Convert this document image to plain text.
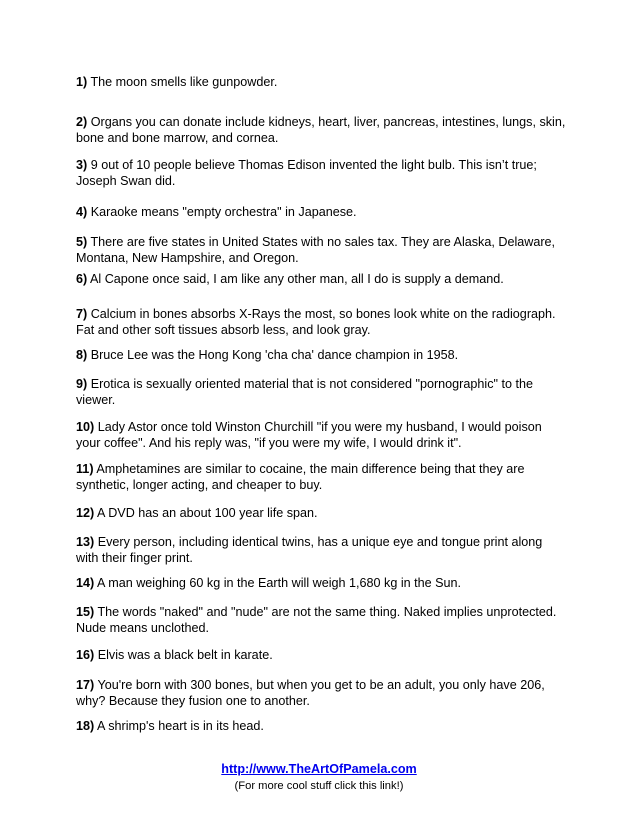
1) The moon smells like gunpowder.
2) Organs you can donate include kidneys, heart, liver, pancreas, intestines, lungs, skin, bone and bone marrow, and cornea.
3) 9 out of 10 people believe Thomas Edison invented the light bulb. This isn’t true; Joseph Swan did.
4) Karaoke means "empty orchestra" in Japanese.
5) There are five states in United States with no sales tax. They are Alaska, Delaware, Montana, New Hampshire, and Oregon.
6) Al Capone once said, I am like any other man, all I do is supply a demand.
7) Calcium in bones absorbs X-Rays the most, so bones look white on the radiograph. Fat and other soft tissues absorb less, and look gray.
8) Bruce Lee was the Hong Kong 'cha cha' dance champion in 1958.
9) Erotica is sexually oriented material that is not considered "pornographic" to the viewer.
10) Lady Astor once told Winston Churchill "if you were my husband, I would poison your coffee". And his reply was, "if you were my wife, I would drink it".
11) Amphetamines are similar to cocaine, the main difference being that they are synthetic, longer acting, and cheaper to buy.
12) A DVD has an about 100 year life span.
13) Every person, including identical twins, has a unique eye and tongue print along with their finger print.
14) A man weighing 60 kg in the Earth will weigh 1,680 kg in the Sun.
15) The words "naked" and "nude" are not the same thing. Naked implies unprotected. Nude means unclothed.
16) Elvis was a black belt in karate.
17) You're born with 300 bones, but when you get to be an adult, you only have 206, why? Because they fusion one to another.
18) A shrimp's heart is in its head.
http://www.TheArtOfPamela.com
(For more cool stuff click this link!)
